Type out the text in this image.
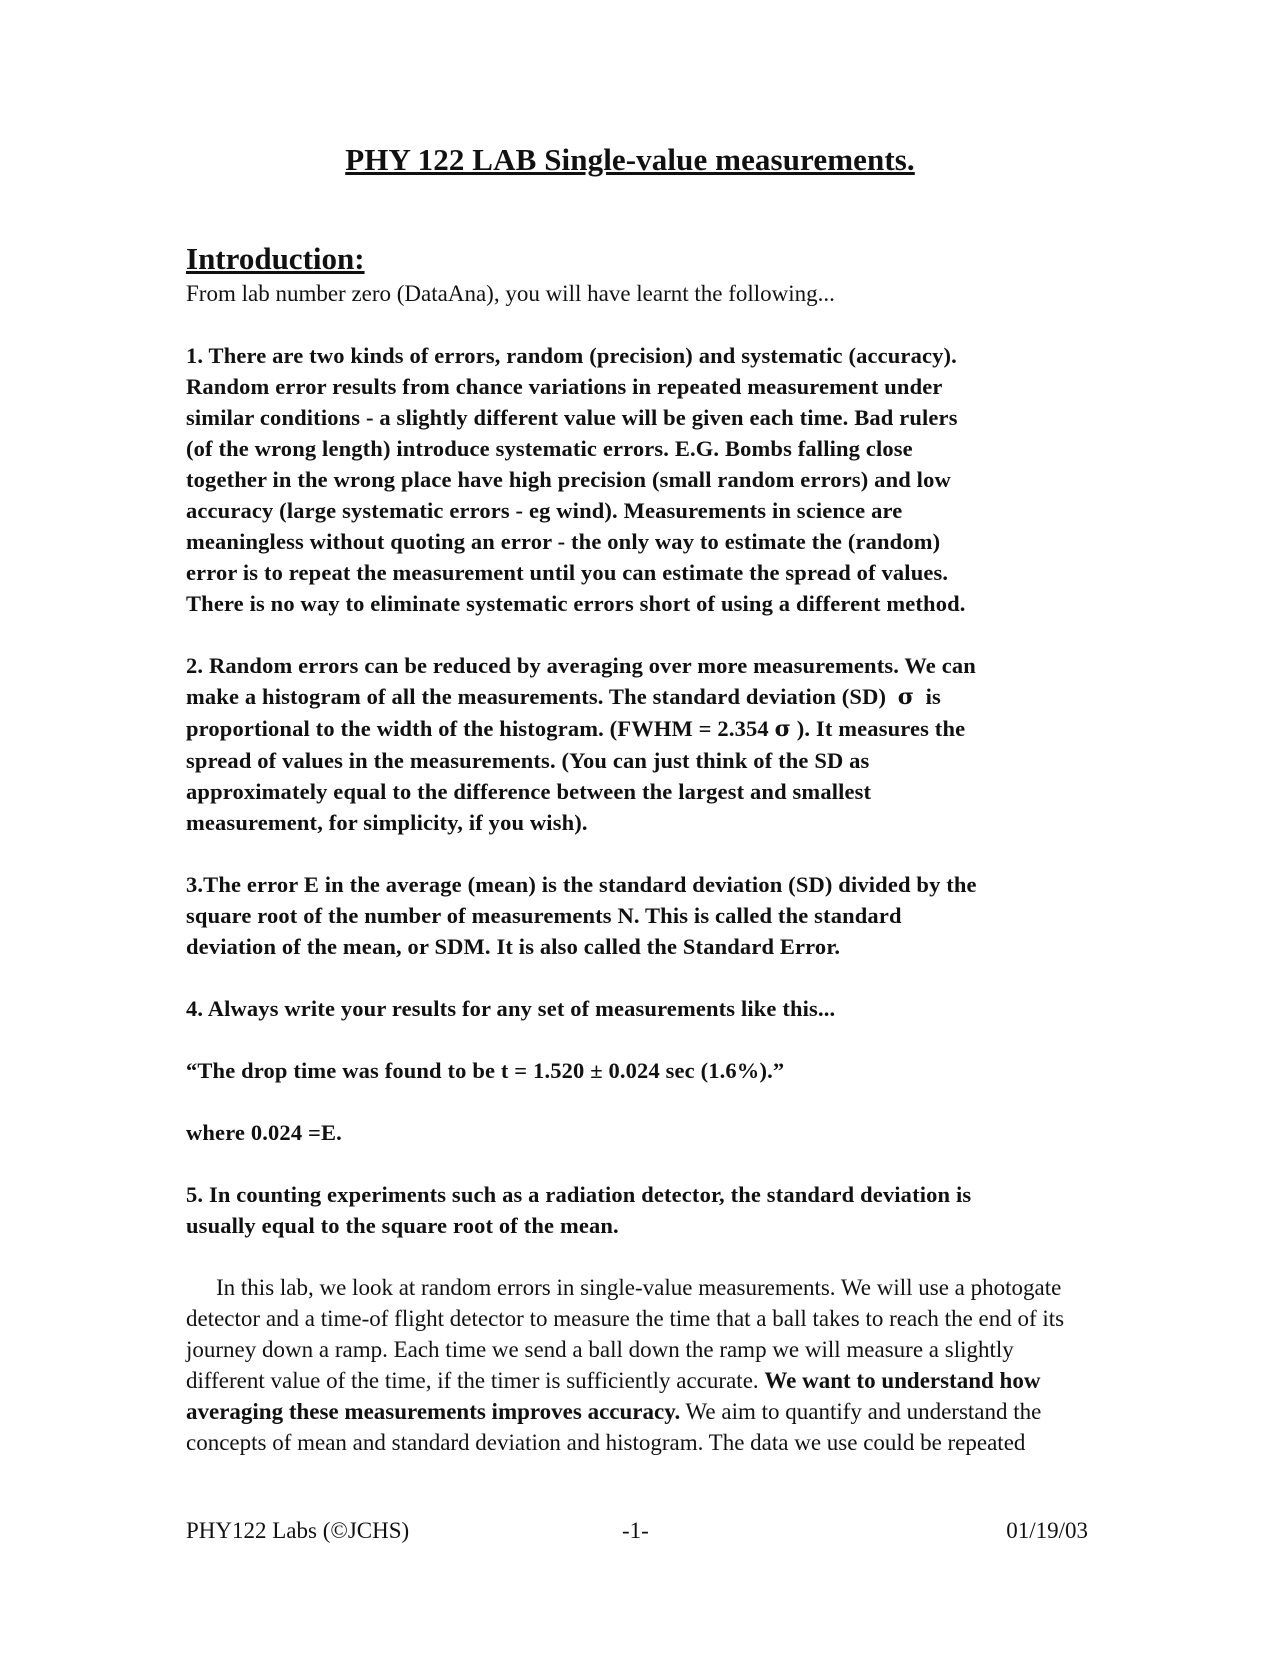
PHY 122 LAB Single-value measurements.
Introduction:

From lab number zero (DataAna), you will have learnt the following...

1. There are two kinds of errors, random (precision) and systematic (accuracy).
Random error results from chance variations in repeated measurement under
similar conditions - a slightly different value will be given each time. Bad rulers
(of the wrong length) introduce systematic errors. E.G. Bombs falling close
together in the wrong place have high precision (small random errors) and low
accuracy (large systematic errors - eg wind). Measurements in science are
meaningless without quoting an error - the only way to estimate the (random)
error is to repeat the measurement until you can estimate the spread of values.
There is no way to eliminate systematic errors short of using a different method.

2. Random errors can be reduced by averaging over more measurements. We can
make a histogram of all the measurements. The standard deviation (SD)  σ  is
proportional to the width of the histogram. (FWHM = 2.354 σ ). It measures the
spread of values in the measurements. (You can just think of the SD as
approximately equal to the difference between the largest and smallest
measurement, for simplicity, if you wish).

3.The error E in the average (mean) is the standard deviation (SD) divided by the
square root of the number of measurements N. This is called the standard
deviation of the mean, or SDM. It is also called the Standard Error.

4. Always write your results for any set of measurements like this...

“The drop time was found to be t = 1.520 ± 0.024 sec (1.6%).”

where 0.024 =E.

5. In counting experiments such as a radiation detector, the standard deviation is
usually equal to the square root of the mean.

In this lab, we look at random errors in single-value measurements. We will use a photogate
detector and a time-of flight detector to measure the time that a ball takes to reach the end of its
journey down a ramp. Each time we send a ball down the ramp we will measure a slightly
different value of the time, if the timer is sufficiently accurate. We want to understand how
averaging these measurements improves accuracy. We aim to quantify and understand the
concepts of mean and standard deviation and histogram. The data we use could be repeated

PHY122 Labs (©JCHS)	-1-	01/19/03
